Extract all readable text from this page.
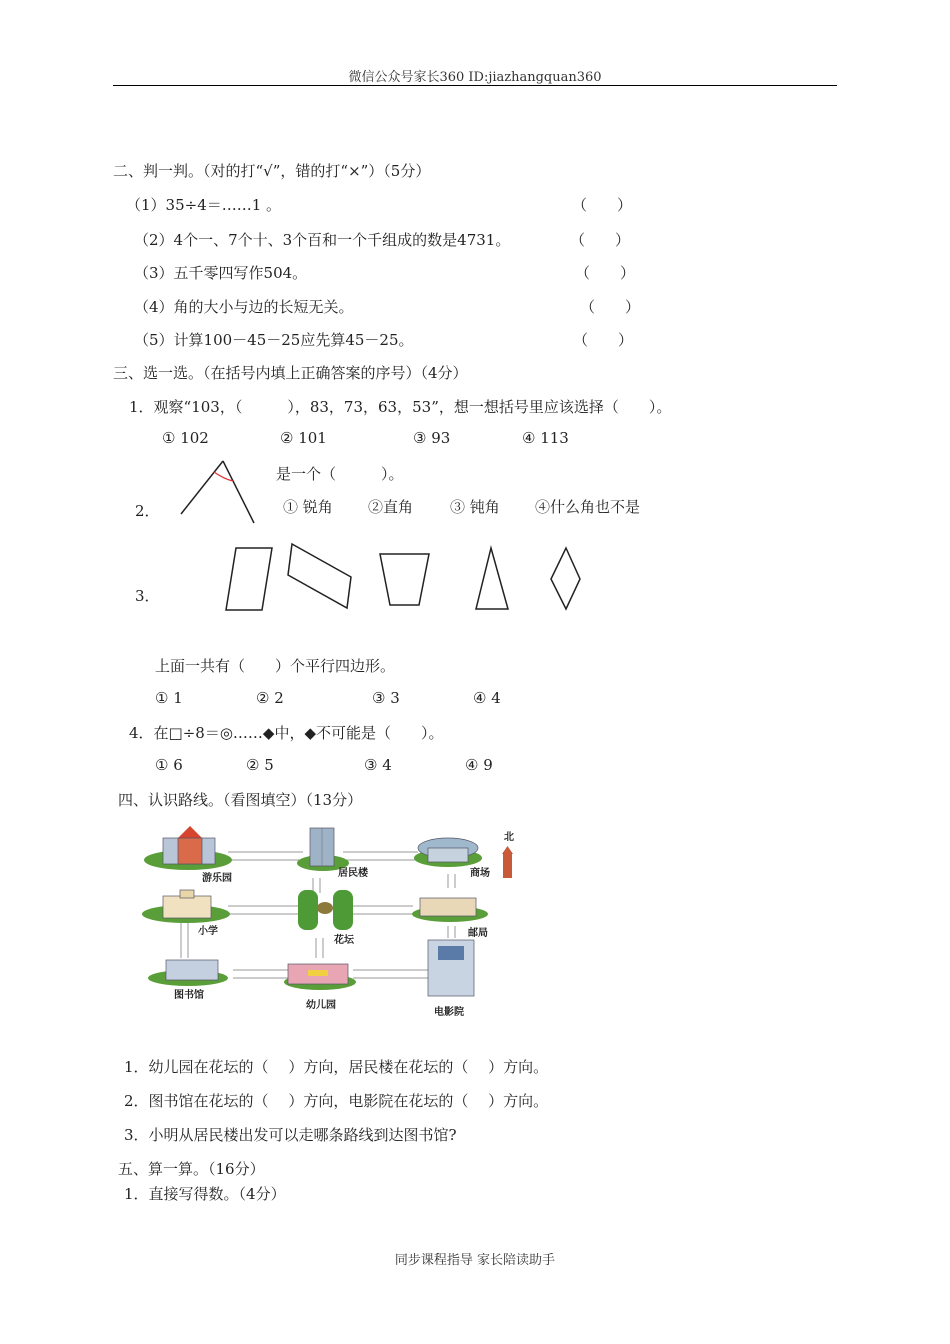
微信公众号家长360 ID:jiazhangquan360
二、判一判。（对的打“√”，错的打“×”）（5分）
（1）35÷4＝……1 。	（　　）
（2）4个一、7个十、3个百和一个千组成的数是4731。	（　　）
（3）五千零四写作504。	（　　）
（4）角的大小与边的长短无关。	（　　）
（5）计算100－45－25应先算45－25。	（　　）
三、选一选。（在括号内填上正确答案的序号）（4分）
1．观察“103，（　　　），83，73，63，53”，想一想括号里应该选择（　　）。
① 102	② 101	③ 93	④ 113
2．
是一个（　　　）。
① 锐角 ②直角 ③ 钝角 ④什么角也不是
3．
上面一共有（　　）个平行四边形。
① 1	② 2	③ 3	④ 4
4．在□÷8＝◎……◆中，◆不可能是（　　）。
① 6	② 5	③ 4	④ 9
四、认识路线。（看图填空）（13分）
游乐园	居民楼	商场
北
小学
花坛
邮局
图书馆
幼儿园
电影院
1．幼儿园在花坛的（　 ）方向，居民楼在花坛的（　 ）方向。
2．图书馆在花坛的（　 ）方向，电影院在花坛的（　 ）方向。
3．小明从居民楼出发可以走哪条路线到达图书馆?
五、算一算。（16分）
1．直接写得数。（4分）
同步课程指导 家长陪读助手
